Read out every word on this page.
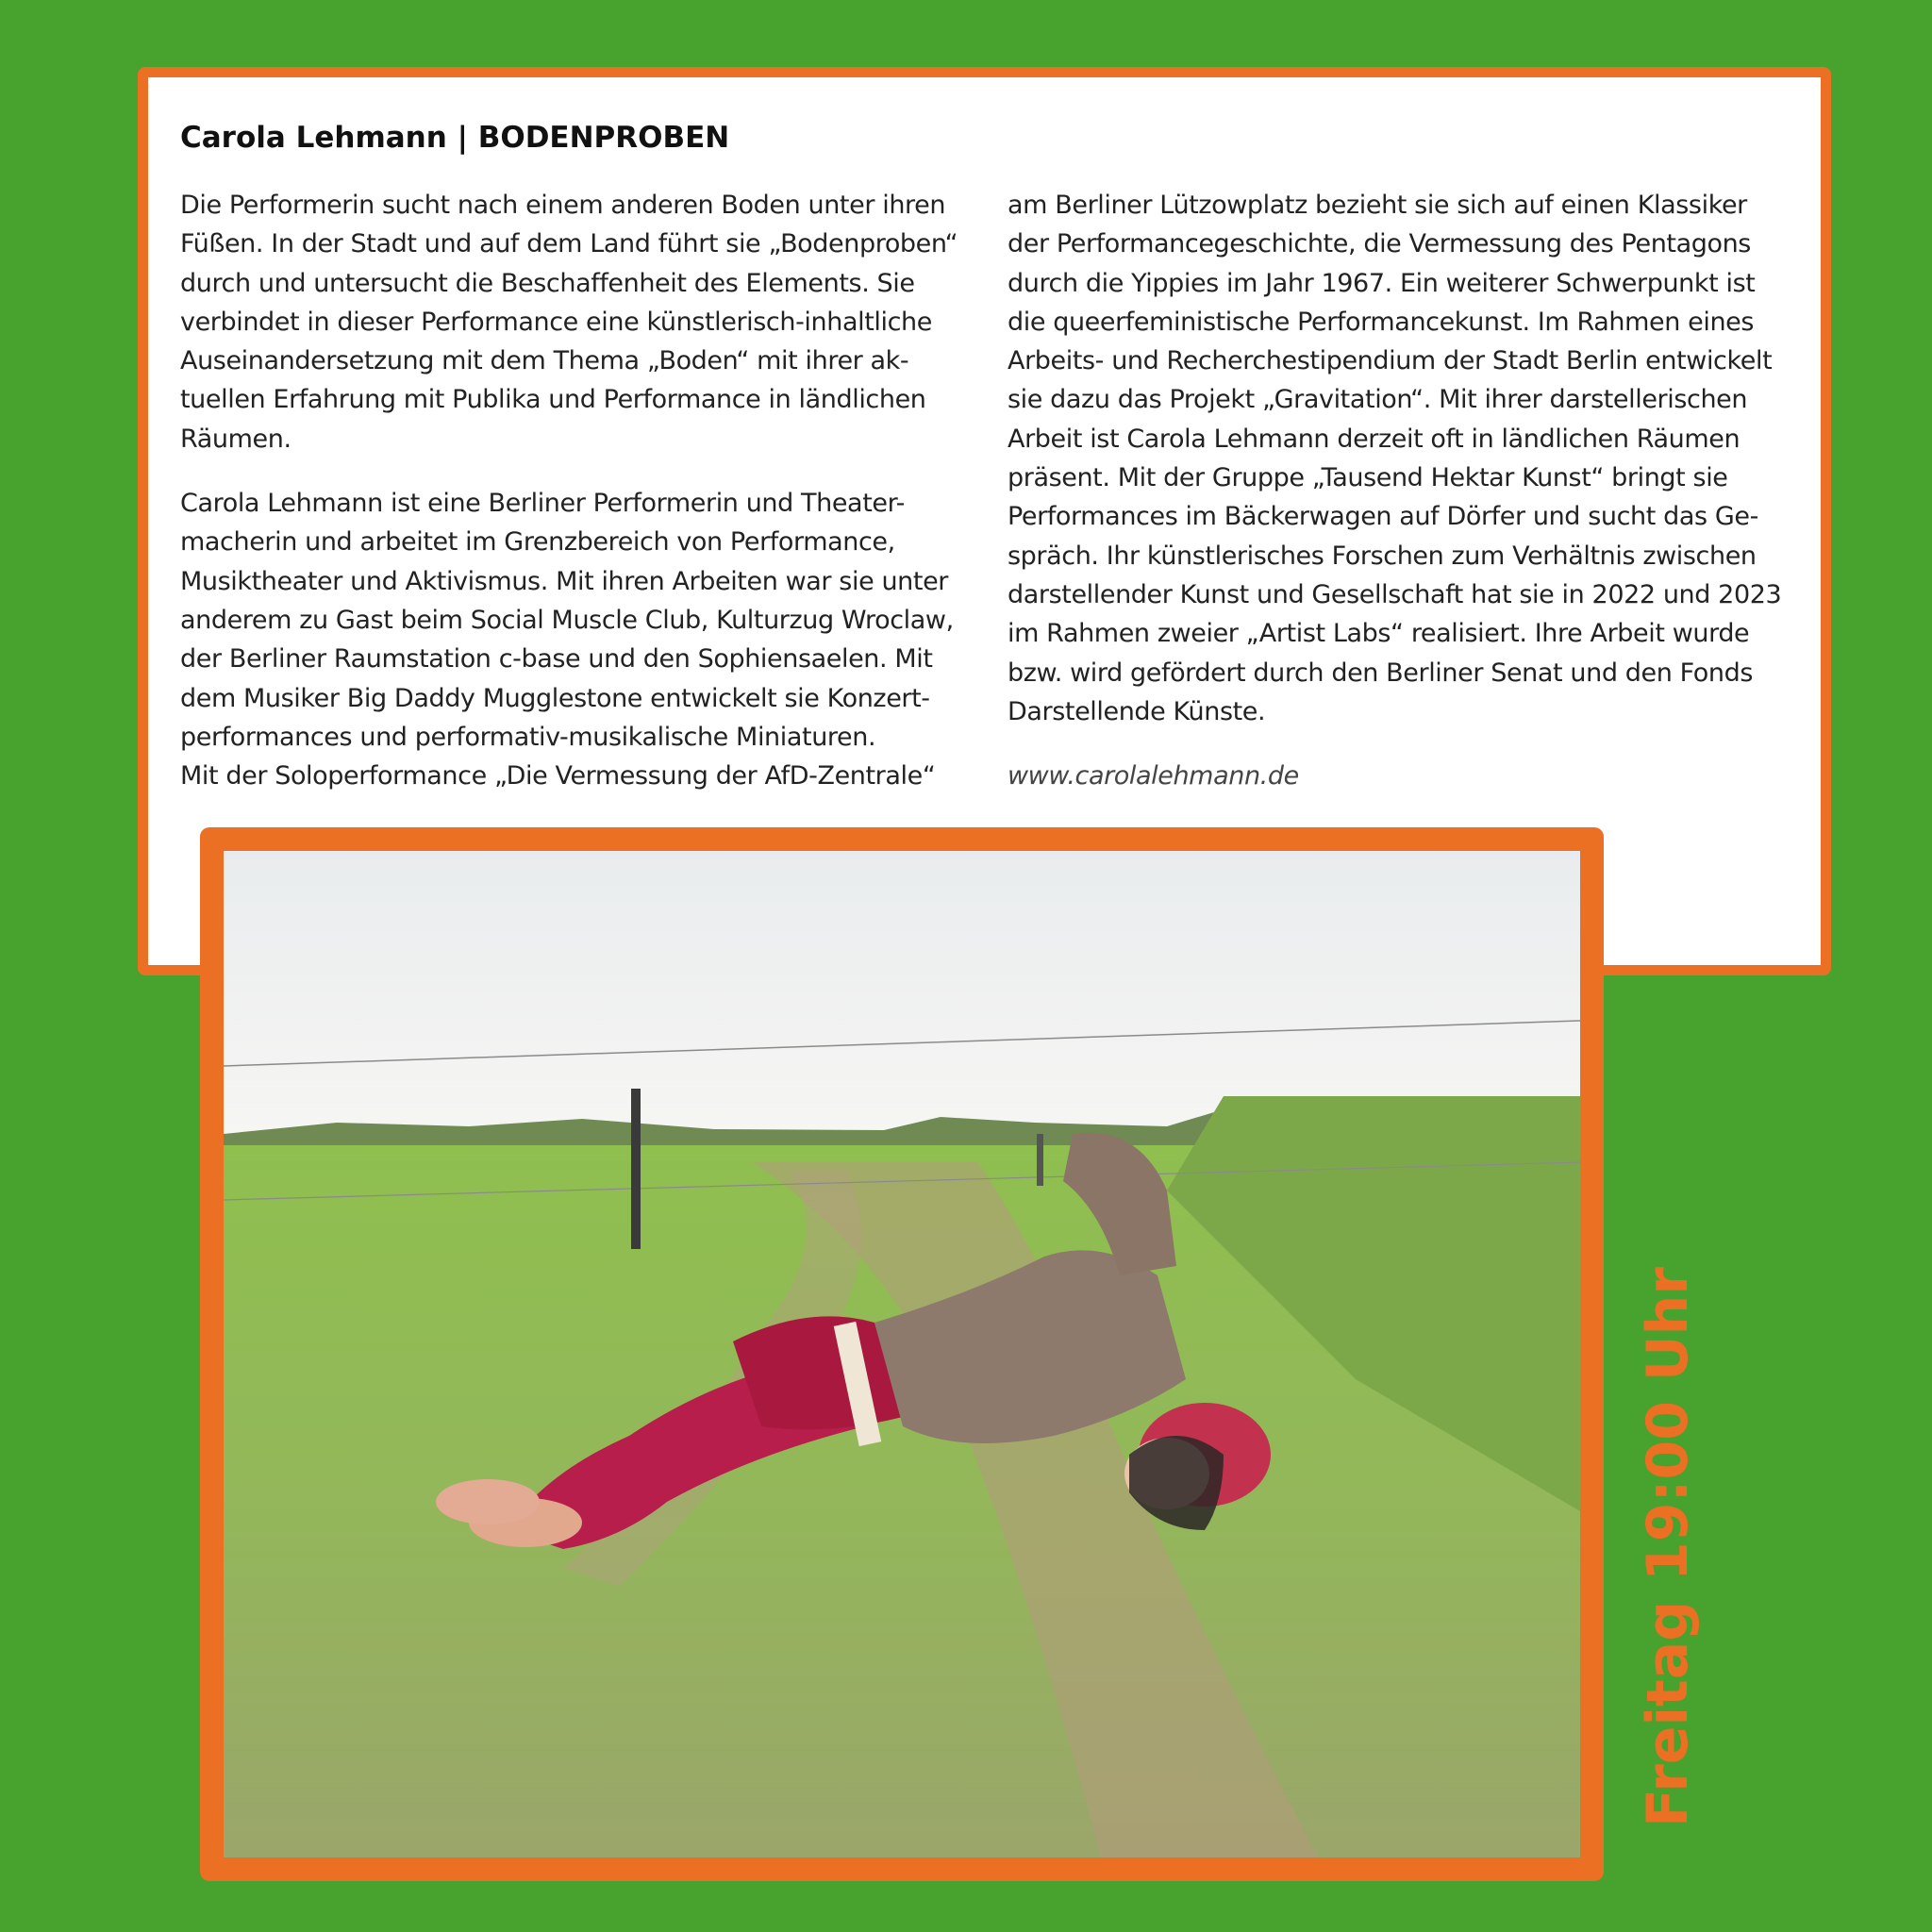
Carola Lehmann | BODENPROBEN

Die Performerin sucht nach einem anderen Boden unter ihren
Füßen. In der Stadt und auf dem Land führt sie „Bodenproben“
durch und untersucht die Beschaffenheit des Elements. Sie
verbindet in dieser Performance eine künstlerisch-inhaltliche
Auseinandersetzung mit dem Thema „Boden“ mit ihrer ak-
tuellen Erfahrung mit Publika und Performance in ländlichen
Räumen.

Carola Lehmann ist eine Berliner Performerin und Theater-
macherin und arbeitet im Grenzbereich von Performance,
Musiktheater und Aktivismus. Mit ihren Arbeiten war sie unter
anderem zu Gast beim Social Muscle Club, Kulturzug Wroclaw,
der Berliner Raumstation c-base und den Sophiensaelen. Mit
dem Musiker Big Daddy Mugglestone entwickelt sie Konzert-
performances und performativ-musikalische Miniaturen.
Mit der Soloperformance „Die Vermessung der AfD-Zentrale“

am Berliner Lützowplatz bezieht sie sich auf einen Klassiker
der Performancegeschichte, die Vermessung des Pentagons
durch die Yippies im Jahr 1967. Ein weiterer Schwerpunkt ist
die queerfeministische Performancekunst. Im Rahmen eines
Arbeits- und Recherchestipendium der Stadt Berlin entwickelt
sie dazu das Projekt „Gravitation“. Mit ihrer darstellerischen
Arbeit ist Carola Lehmann derzeit oft in ländlichen Räumen
präsent. Mit der Gruppe „Tausend Hektar Kunst“ bringt sie
Performances im Bäckerwagen auf Dörfer und sucht das Ge-
spräch. Ihr künstlerisches Forschen zum Verhältnis zwischen
darstellender Kunst und Gesellschaft hat sie in 2022 und 2023
im Rahmen zweier „Artist Labs“ realisiert. Ihre Arbeit wurde
bzw. wird gefördert durch den Berliner Senat und den Fonds
Darstellende Künste.

www.carolalehmann.de

Freitag 19:00 Uhr
